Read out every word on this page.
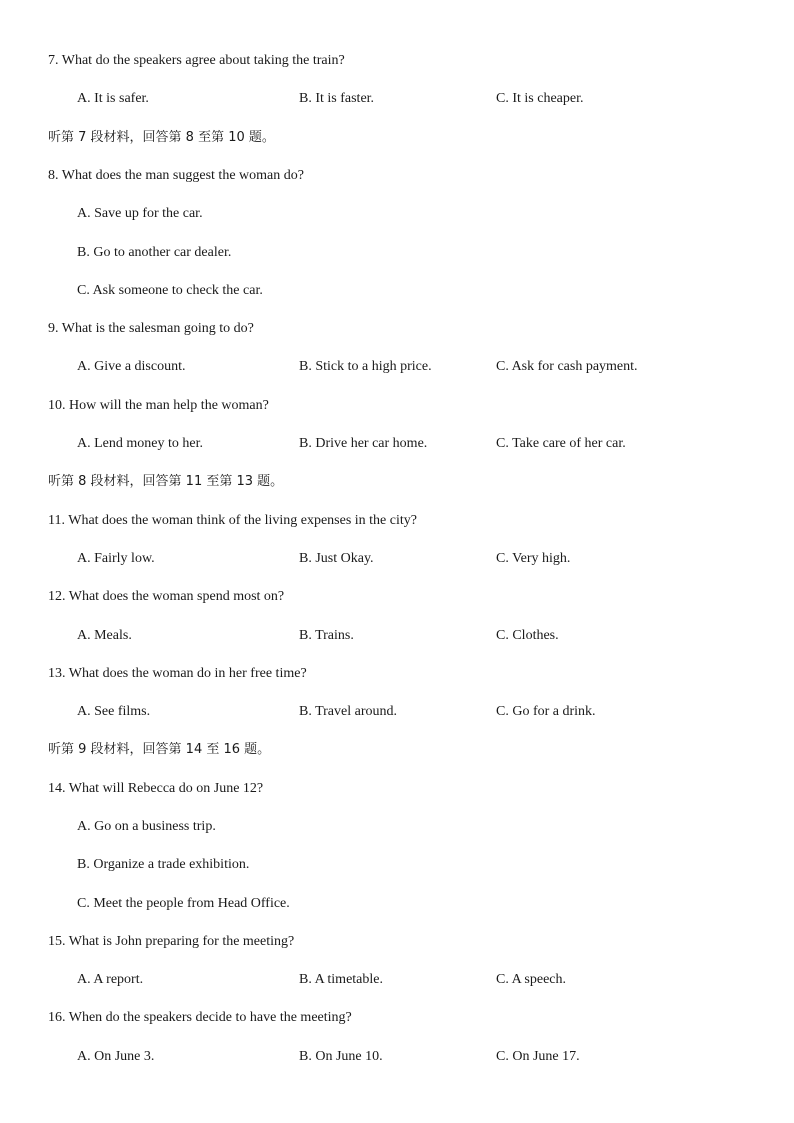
7. What do the speakers agree about taking the train?
A. It is safer.	B. It is faster.	C. It is cheaper.
听第 7 段材料，回答第 8 至第 10 题。
8. What does the man suggest the woman do?
A. Save up for the car.
B. Go to another car dealer.
C. Ask someone to check the car.
9. What is the salesman going to do?
A. Give a discount.	B. Stick to a high price.	C. Ask for cash payment.
10. How will the man help the woman?
A. Lend money to her.	B. Drive her car home.	C. Take care of her car.
听第 8 段材料，回答第 11 至第 13 题。
11. What does the woman think of the living expenses in the city?
A. Fairly low.	B. Just Okay.	C. Very high.
12. What does the woman spend most on?
A. Meals.	B. Trains.	C. Clothes.
13. What does the woman do in her free time?
A. See films.	B. Travel around.	C. Go for a drink.
听第 9 段材料，回答第 14 至 16 题。
14. What will Rebecca do on June 12?
A. Go on a business trip.
B. Organize a trade exhibition.
C. Meet the people from Head Office.
15. What is John preparing for the meeting?
A. A report.	B. A timetable.	C. A speech.
16. When do the speakers decide to have the meeting?
A. On June 3.	B. On June 10.	C. On June 17.
